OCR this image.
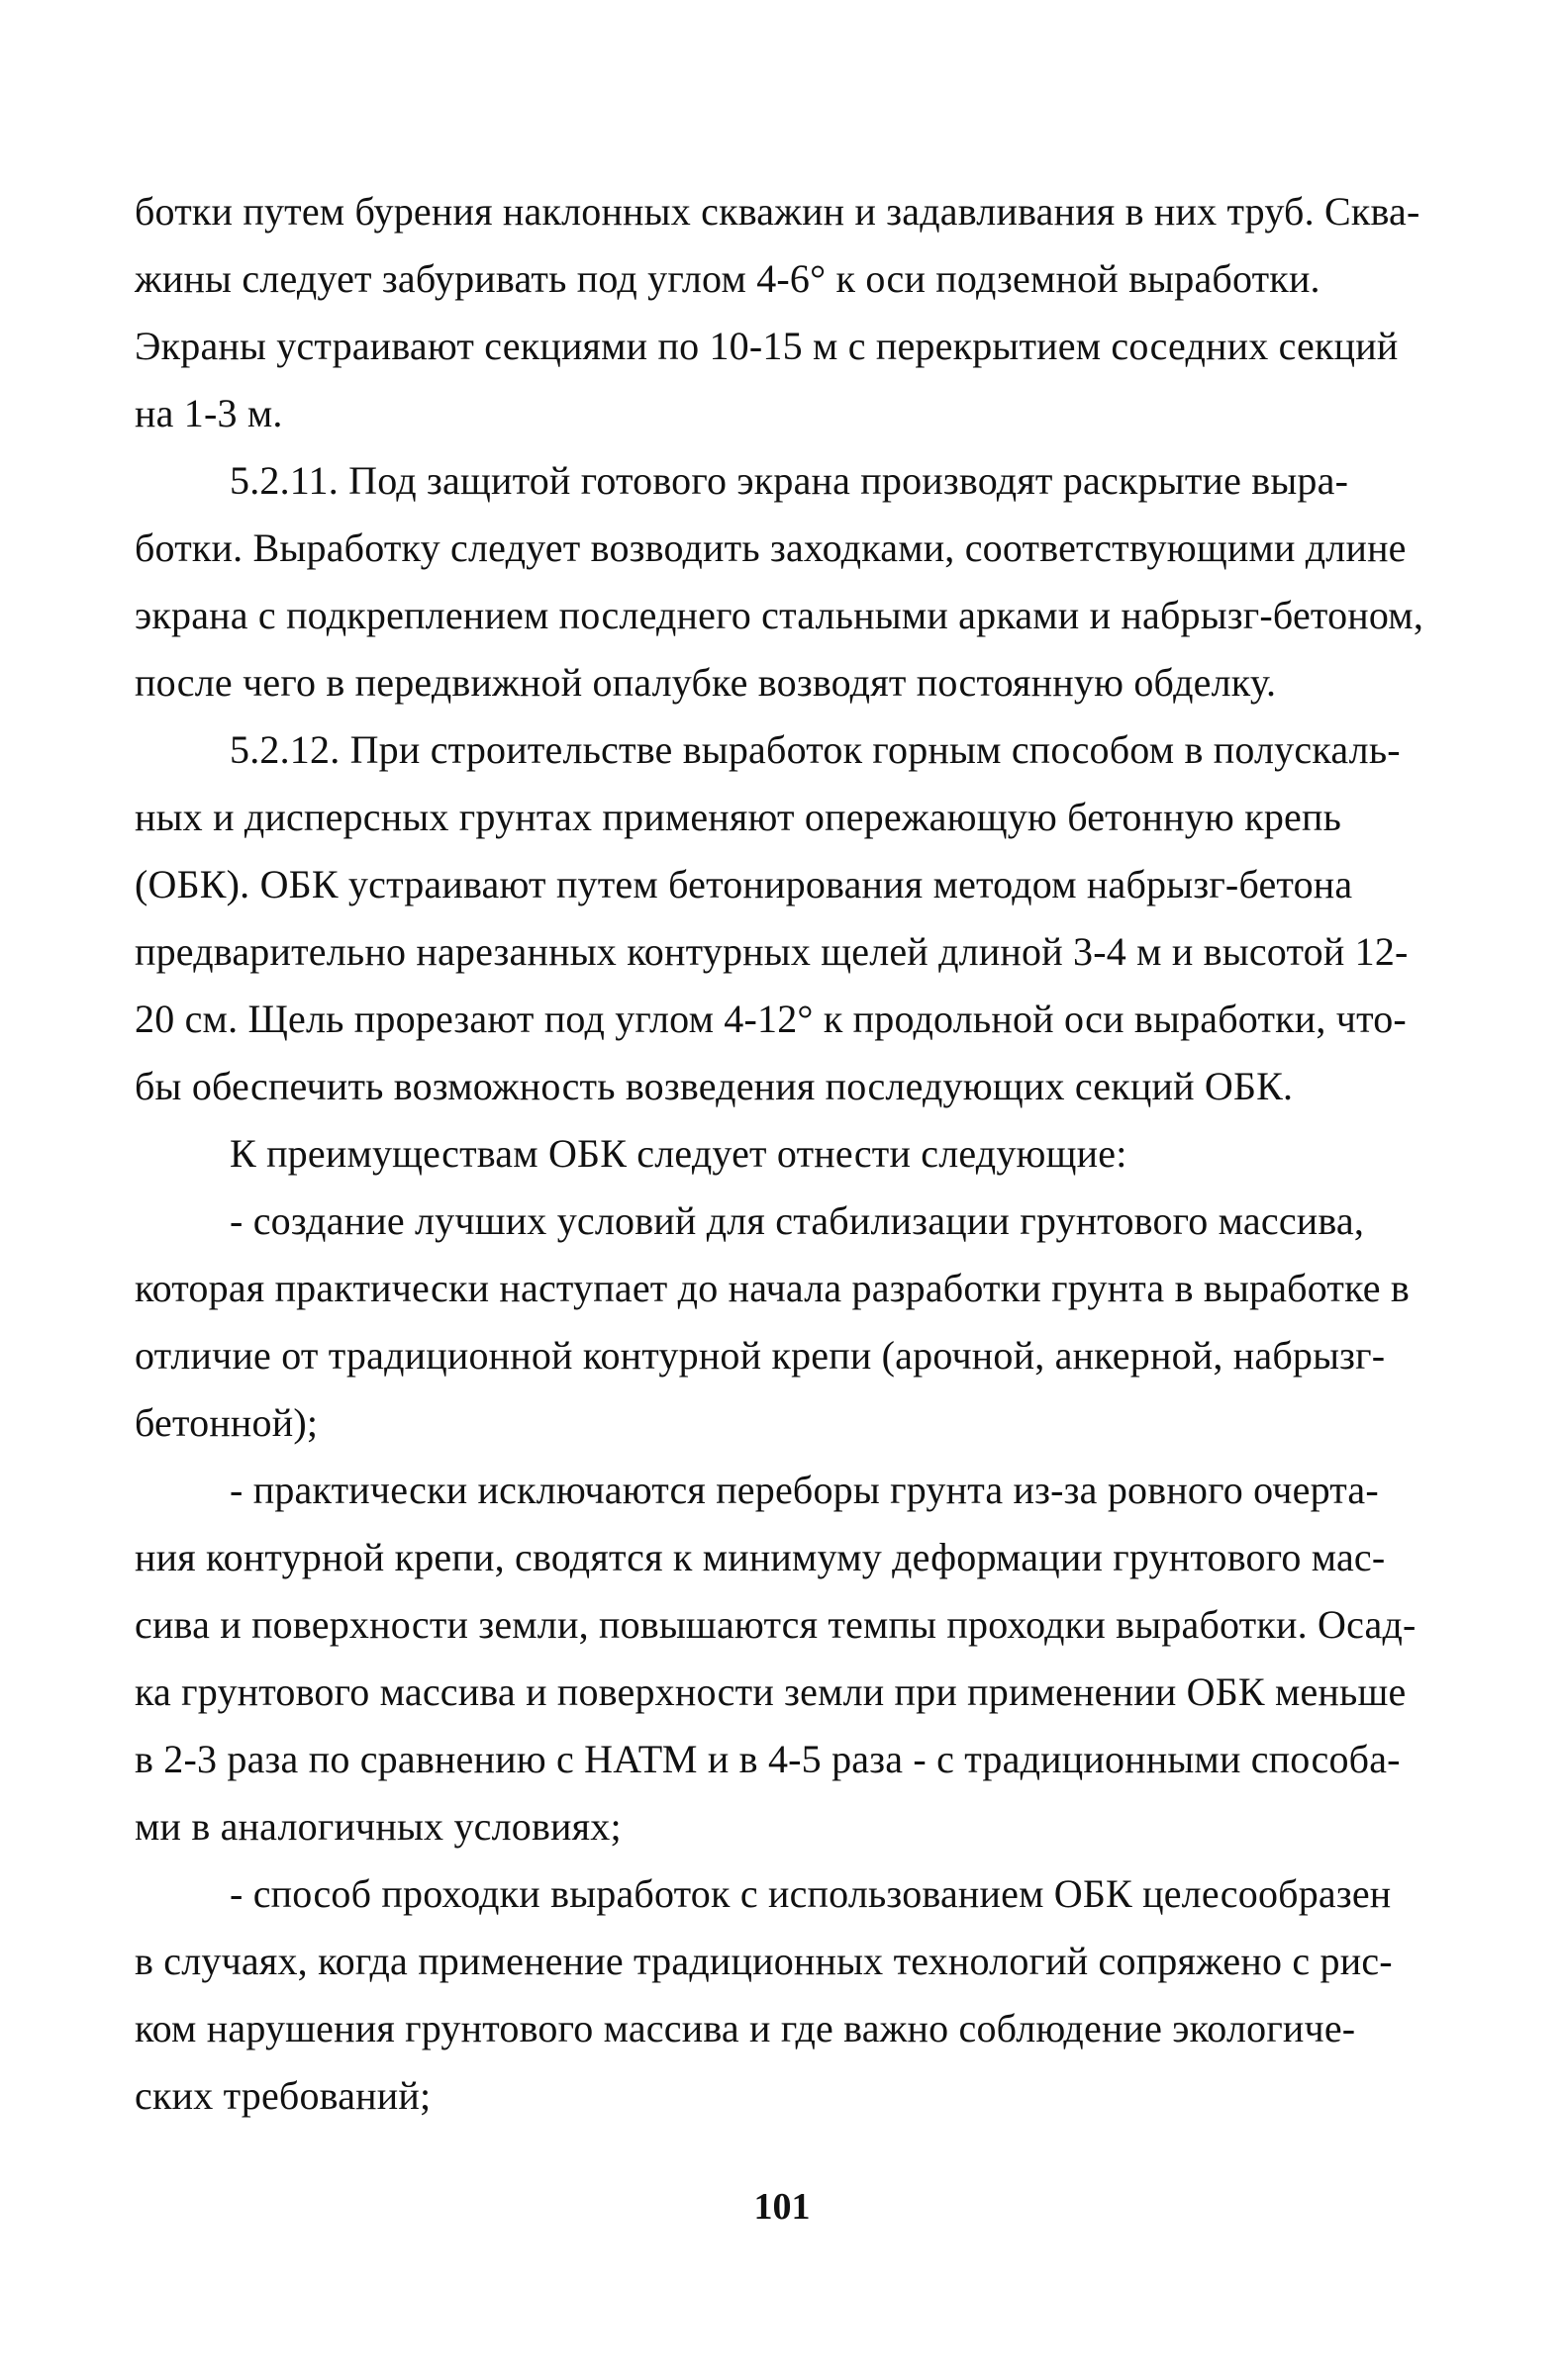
ботки путем бурения наклонных скважин и задавливания в них труб. Сква-
жины следует забуривать под углом 4-6° к оси подземной выработки.
Экраны устраивают секциями по 10-15 м с перекрытием соседних секций
на 1-3 м.
5.2.11. Под защитой готового экрана производят раскрытие выра-
ботки. Выработку следует возводить заходками, соответствующими длине
экрана с подкреплением последнего стальными арками и набрызг-бетоном,
после чего в передвижной опалубке возводят постоянную обделку.
5.2.12. При строительстве выработок горным способом в полускаль-
ных и дисперсных грунтах применяют опережающую бетонную крепь
(ОБК). ОБК устраивают путем бетонирования методом набрызг-бетона
предварительно нарезанных контурных щелей длиной 3-4 м и высотой 12-
20 см. Щель прорезают под углом 4-12° к продольной оси выработки, что-
бы обеспечить возможность возведения последующих секций ОБК.
К преимуществам ОБК следует отнести следующие:
- создание лучших условий для стабилизации грунтового массива,
которая практически наступает до начала разработки грунта в выработке в
отличие от традиционной контурной крепи (арочной, анкерной, набрызг-
бетонной);
- практически исключаются переборы грунта из-за ровного очерта-
ния контурной крепи, сводятся к минимуму деформации грунтового мас-
сива и поверхности земли, повышаются темпы проходки выработки. Осад-
ка грунтового массива и поверхности земли при применении ОБК меньше
в 2-3 раза по сравнению с НАТМ и в 4-5 раза - с традиционными способа-
ми в аналогичных условиях;
- способ проходки выработок с использованием ОБК целесообразен
в случаях, когда применение традиционных технологий сопряжено с рис-
ком нарушения грунтового массива и где важно соблюдение экологиче-
ских требований;
101
